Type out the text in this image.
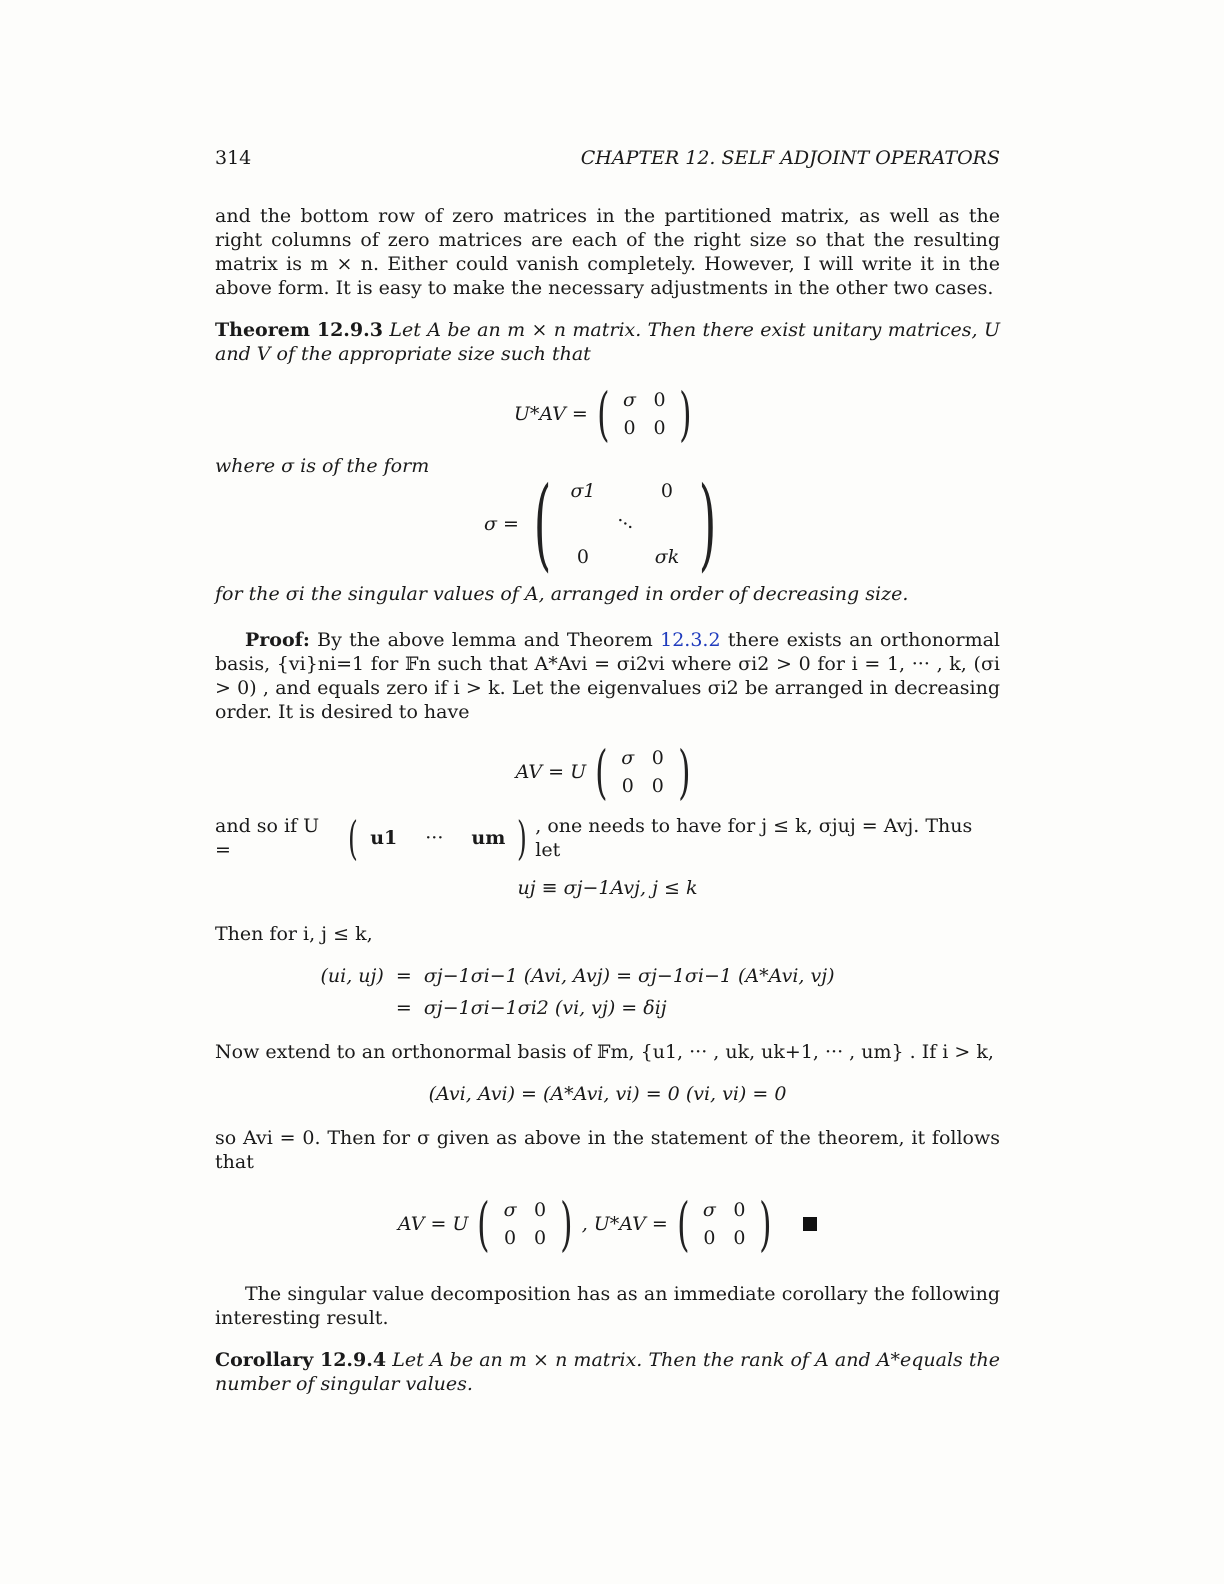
314	CHAPTER 12. SELF ADJOINT OPERATORS

and the bottom row of zero matrices in the partitioned matrix, as well as the right columns of zero matrices are each of the right size so that the resulting matrix is m × n. Either could vanish completely. However, I will write it in the above form. It is easy to make the necessary adjustments in the other two cases.

Theorem 12.9.3 Let A be an m × n matrix. Then there exist unitary matrices, U and V of the appropriate size such that

U*AV = ( σ 0
0 0 )

where σ is of the form

σ = (	σ1	0
···
0	σk )

for the σi the singular values of A, arranged in order of decreasing size.

Proof: By the above lemma and Theorem 12.3.2 there exists an orthonormal basis, {vi}ni=1 for 𝔽n such that A*Avi = σi2vi where σi2 > 0 for i = 1, ··· , k, (σi > 0) , and equals zero if i > k. Let the eigenvalues σi2 be arranged in decreasing order. It is desired to have

AV = U ( σ 0
0 0 )
and so if U =	( u1 ··· um ) , one needs to have for j ≤ k, σjuj = Avj. Thus let
uj ≡ σj−1Avj, j ≤ k

Then for i, j ≤ k,

(ui, uj) = σj−1σi−1 (Avi, Avj) = σj−1σi−1 (A*Avi, vj)
= σj−1σi−1σi2 (vi, vj) = δij

Now extend to an orthonormal basis of 𝔽m, {u1, ··· , uk, uk+1, ··· , um} . If i > k,

(Avi, Avi) = (A*Avi, vi) = 0 (vi, vi) = 0

so Avi = 0. Then for σ given as above in the statement of the theorem, it follows that

AV = U ( σ 0
0 0 ) , U*AV = ( σ 0
0 0 )

The singular value decomposition has as an immediate corollary the following interesting result.

Corollary 12.9.4 Let A be an m × n matrix. Then the rank of A and A*equals the number of singular values.
